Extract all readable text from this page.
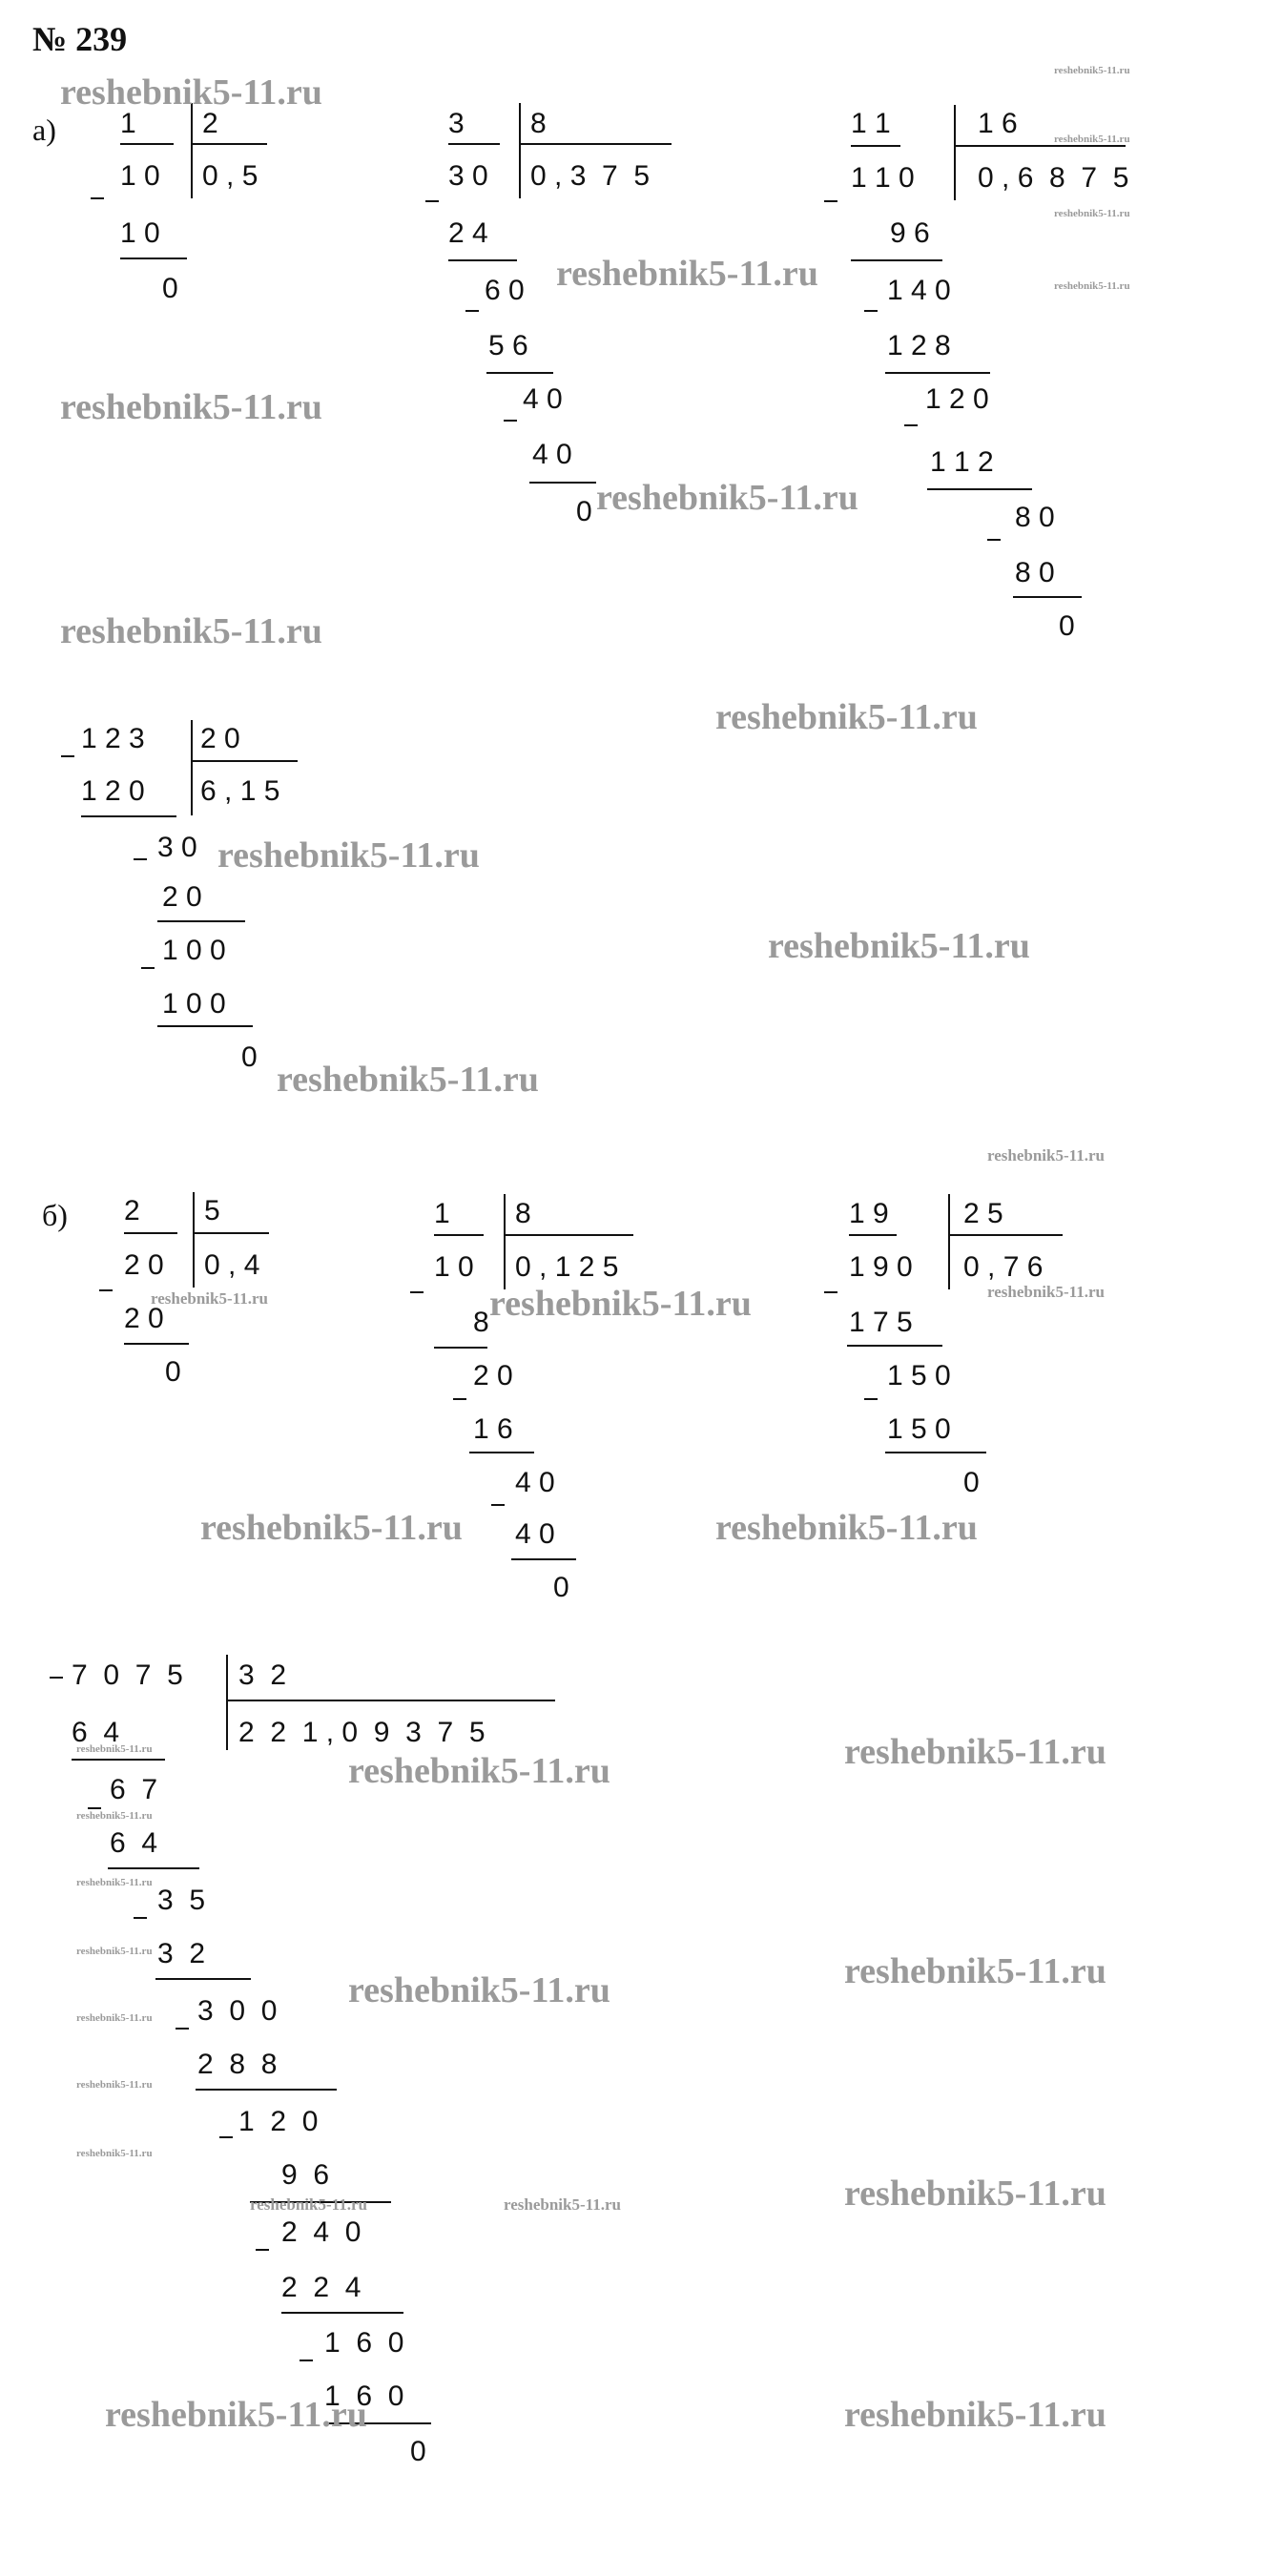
№ 239
а)
б)
1 2
1 0 0 , 5
1 0
0
3 8
3 0 0 , 3  7  5
2 4
6 0
5 6
4 0
4 0
0
1 1	1 6
1 1 0 0 , 6  8  7  5
9 6
1 4 0
1 2 8
1 2 0
1 1 2
8 0
8 0
0
1 2 3 2 0
1 2 0 6 , 1 5
3 0
2 0
1 0 0
1 0 0
0
2 5
2 0 0 , 4
2 0
0
1 8
1 0 0 , 1 2 5
8
2 0
1 6
4 0
4 0
0
1 9	2 5
1 9 0 0 , 7 6
1 7 5
1 5 0
1 5 0
0
7  0  7  5 3  2
2  2  1 , 0  9  3  7  5
6  4
6  7
6  4
3  5
3  2
3  0  0
2  8  8
1  2  0
9  6
2  4  0
2  2  4
1  6  0
1  6  0
0
reshebnik5-11.ru
reshebnik5-11.ru
reshebnik5-11.ru
reshebnik5-11.ru
reshebnik5-11.ru
reshebnik5-11.ru
reshebnik5-11.ru
reshebnik5-11.ru
reshebnik5-11.ru
reshebnik5-11.ru
reshebnik5-11.ru
reshebnik5-11.ru
reshebnik5-11.ru
reshebnik5-11.ru
reshebnik5-11.ru	reshebnik5-11.ru	reshebnik5-11.ru
reshebnik5-11.ru	reshebnik5-11.ru
reshebnik5-11.ru
reshebnik5-11.ru
reshebnik5-11.ru
reshebnik5-11.ru
reshebnik5-11.ru
reshebnik5-11.ru
reshebnik5-11.ru
reshebnik5-11.ru
reshebnik5-11.ru
reshebnik5-11.ru	reshebnik5-11.ru
reshebnik5-11.ru	reshebnik5-11.ru	reshebnik5-11.ru
reshebnik5-11.ru	reshebnik5-11.ru
